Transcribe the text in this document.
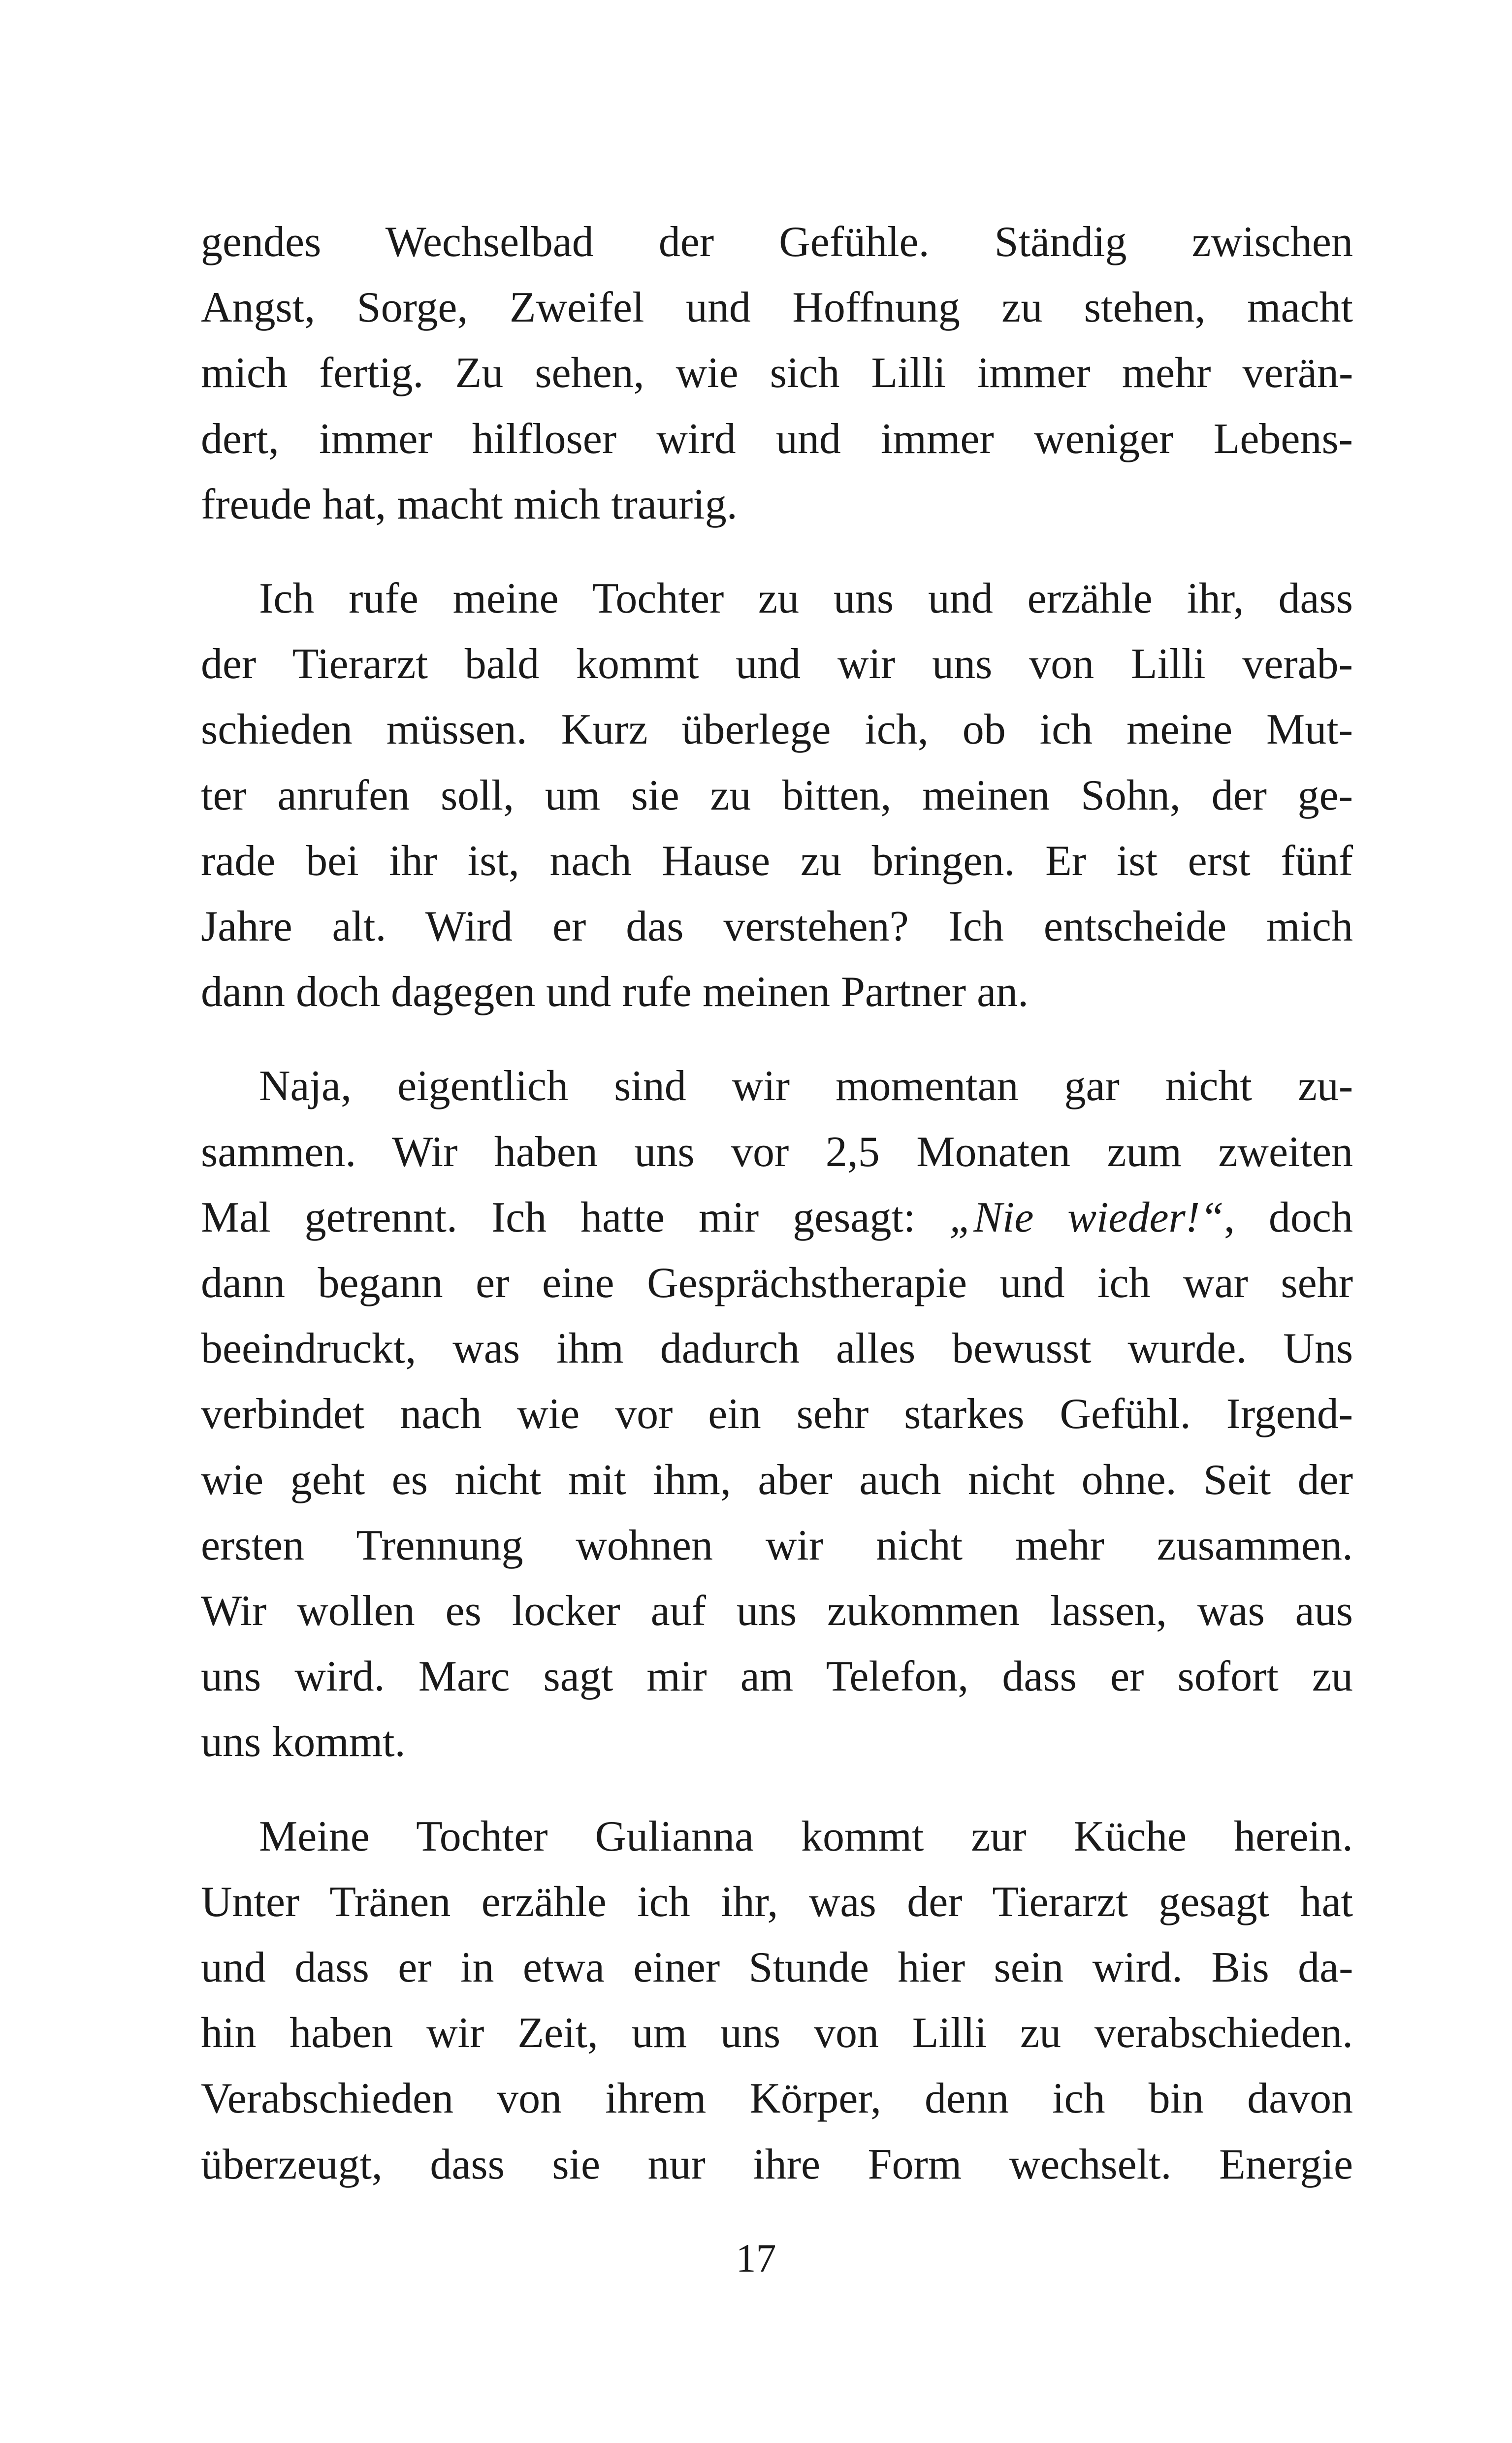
gendes Wechselbad der Gefühle. Ständig zwischen
Angst, Sorge, Zweifel und Hoffnung zu stehen, macht
mich fertig. Zu sehen, wie sich Lilli immer mehr verän-
dert, immer hilfloser wird und immer weniger Lebens-
freude hat, macht mich traurig.

Ich rufe meine Tochter zu uns und erzähle ihr, dass
der Tierarzt bald kommt und wir uns von Lilli verab-
schieden müssen. Kurz überlege ich, ob ich meine Mut-
ter anrufen soll, um sie zu bitten, meinen Sohn, der ge-
rade bei ihr ist, nach Hause zu bringen. Er ist erst fünf
Jahre alt. Wird er das verstehen? Ich entscheide mich
dann doch dagegen und rufe meinen Partner an.

Naja, eigentlich sind wir momentan gar nicht zu-
sammen. Wir haben uns vor 2,5 Monaten zum zweiten
Mal getrennt. Ich hatte mir gesagt: „Nie wieder!“, doch
dann begann er eine Gesprächstherapie und ich war sehr
beeindruckt, was ihm dadurch alles bewusst wurde. Uns
verbindet nach wie vor ein sehr starkes Gefühl. Irgend-
wie geht es nicht mit ihm, aber auch nicht ohne. Seit der
ersten Trennung wohnen wir nicht mehr zusammen.
Wir wollen es locker auf uns zukommen lassen, was aus
uns wird. Marc sagt mir am Telefon, dass er sofort zu
uns kommt.

Meine Tochter Gulianna kommt zur Küche herein.
Unter Tränen erzähle ich ihr, was der Tierarzt gesagt hat
und dass er in etwa einer Stunde hier sein wird. Bis da-
hin haben wir Zeit, um uns von Lilli zu verabschieden.
Verabschieden von ihrem Körper, denn ich bin davon
überzeugt, dass sie nur ihre Form wechselt. Energie

17
